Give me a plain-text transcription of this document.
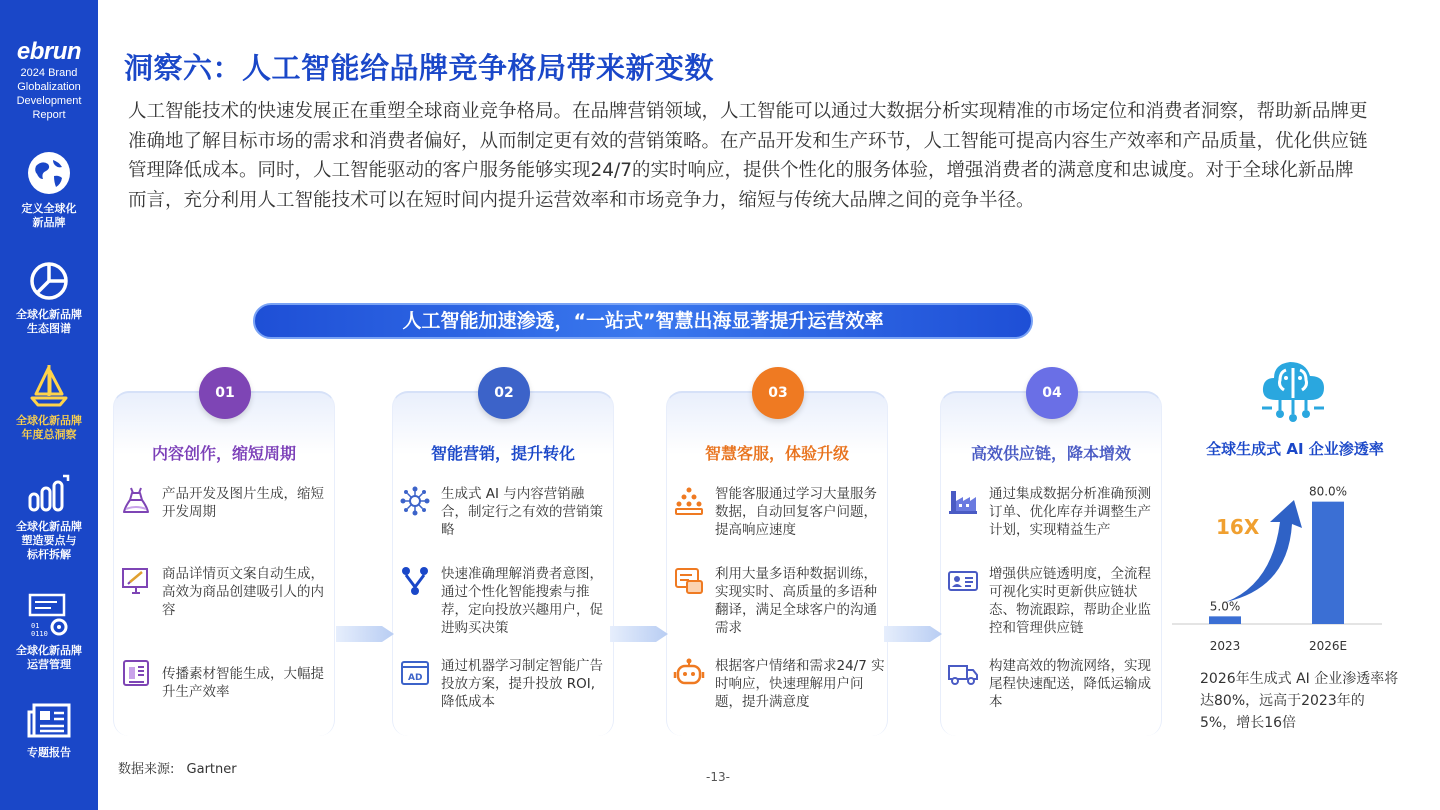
ebrun
2024 Brand
Globalization
Development
Report
定义全球化
新品牌
全球化新品牌
生态图谱
全球化新品牌
年度总洞察
全球化新品牌
塑造要点与
标杆拆解
01
0110
全球化新品牌
运营管理
专题报告
洞察六：人工智能给品牌竞争格局带来新变数

人工智能技术的快速发展正在重塑全球商业竞争格局。在品牌营销领域，人工智能可以通过大数据分析实现精准的市场定位和消费者洞察，帮助新品牌更准确地了解目标市场的需求和消费者偏好，从而制定更有效的营销策略。在产品开发和生产环节，人工智能可提高内容生产效率和产品质量，优化供应链管理降低成本。同时，人工智能驱动的客户服务能够实现24/7的实时响应，提供个性化的服务体验，增强消费者的满意度和忠诚度。对于全球化新品牌而言，充分利用人工智能技术可以在短时间内提升运营效率和市场竞争力，缩短与传统大品牌之间的竞争半径。

人工智能加速渗透，“一站式”智慧出海显著提升运营效率
01
内容创作，缩短周期
产品开发及图片生成，缩短开发周期
商品详情页文案自动生成，高效为商品创建吸引人的内容
传播素材智能生成，大幅提升生产效率
02
智能营销，提升转化
生成式 AI 与内容营销融合，制定行之有效的营销策略
快速准确理解消费者意图，通过个性化智能搜索与推荐，定向投放兴趣用户，促进购买决策
AD
通过机器学习制定智能广告投放方案，提升投放 ROI, 降低成本
03
智慧客服，体验升级
智能客服通过学习大量服务数据，自动回复客户问题，提高响应速度
利用大量多语种数据训练，实现实时、高质量的多语种翻译，满足全球客户的沟通需求
根据客户情绪和需求24/7 实时响应，快速理解用户问题，提升满意度
04
高效供应链，降本增效
通过集成数据分析准确预测订单、优化库存并调整生产计划，实现精益生产
增强供应链透明度，全流程可视化实时更新供应链状态、物流跟踪，帮助企业监控和管理供应链
构建高效的物流网络，实现尾程快速配送，降低运输成本
全球生成式 AI 企业渗透率
16X
5.0%
2023
80.0%
2026E
2026年生成式 AI 企业渗透率将达80%，远高于2023年的5%，增长16倍
数据来源: Gartner	-13-
